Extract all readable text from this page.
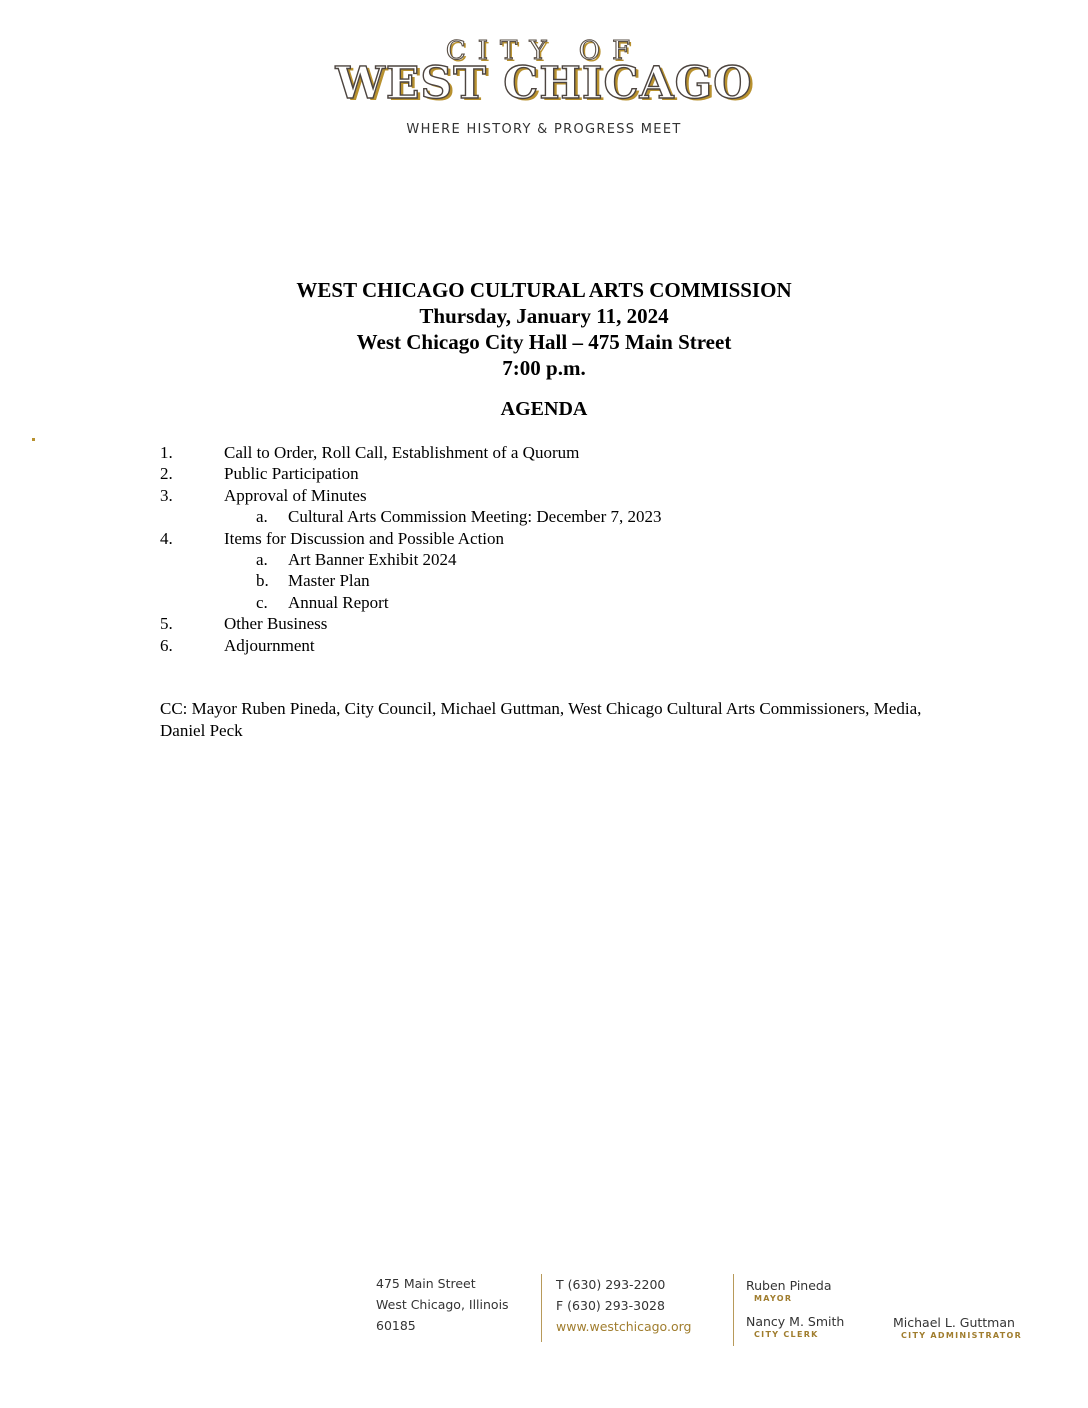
CITY OF
WEST CHICAGO
WHERE HISTORY & PROGRESS MEET
WEST CHICAGO CULTURAL ARTS COMMISSION
Thursday, January 11, 2024
West Chicago City Hall – 475 Main Street
7:00 p.m.
AGENDA
1.	Call to Order, Roll Call, Establishment of a Quorum
2.	Public Participation
3.	Approval of Minutes
a. Cultural Arts Commission Meeting: December 7, 2023
4.	Items for Discussion and Possible Action
a. Art Banner Exhibit 2024
b. Master Plan
c. Annual Report
5.	Other Business
6.	Adjournment
CC: Mayor Ruben Pineda, City Council, Michael Guttman, West Chicago Cultural Arts Commissioners, Media, Daniel Peck
475 Main Street
West Chicago, Illinois
60185
T (630) 293-2200
F (630) 293-3028
www.westchicago.org
Ruben Pineda
MAYOR
Nancy M. Smith
CITY CLERK
Michael L. Guttman
CITY ADMINISTRATOR
